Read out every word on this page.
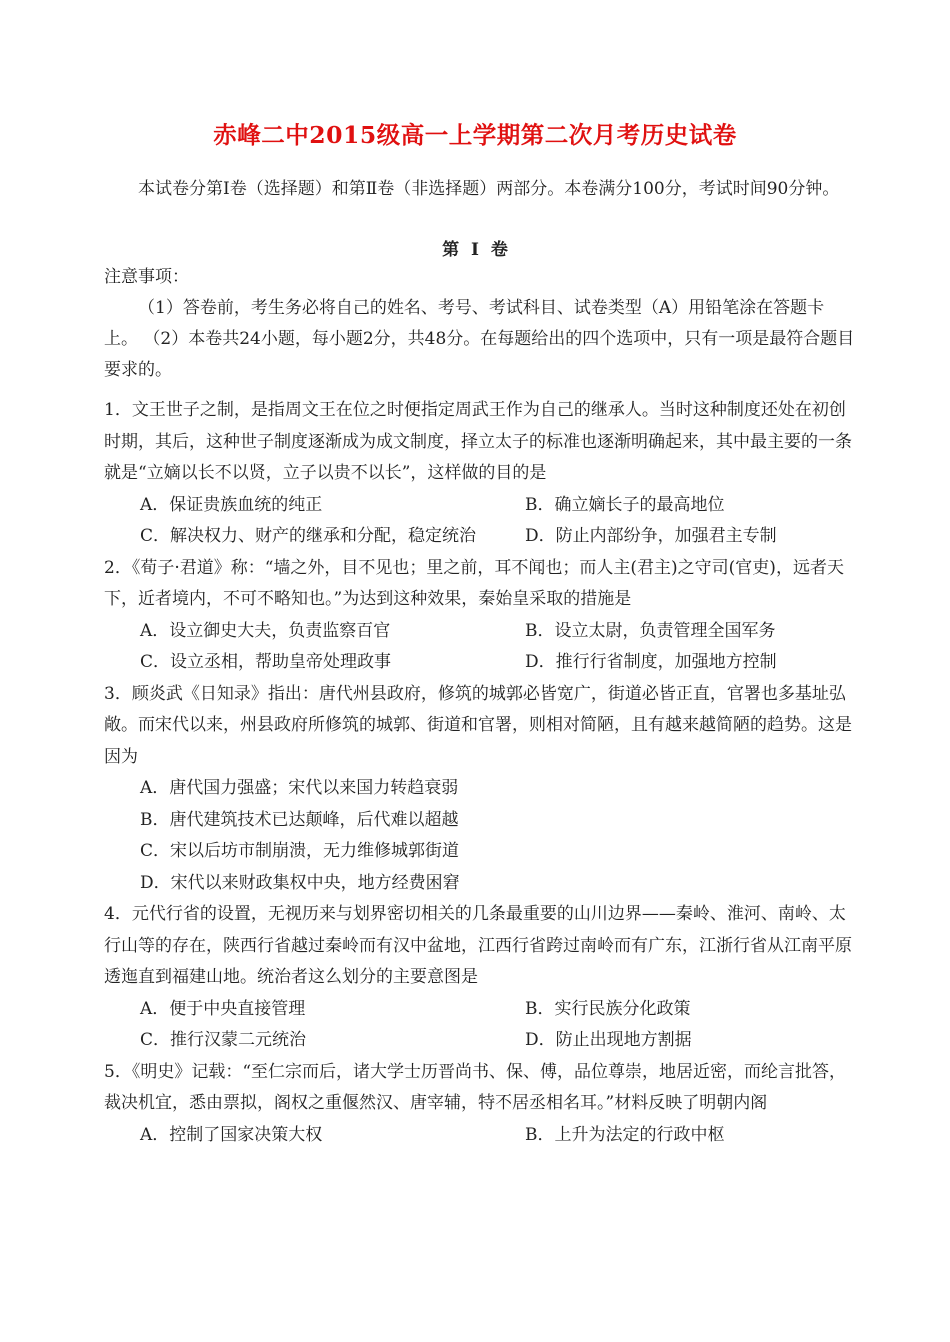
赤峰二中2015级高一上学期第二次月考历史试卷
本试卷分第Ⅰ卷（选择题）和第Ⅱ卷（非选择题）两部分。本卷满分100分，考试时间90分钟。
第 Ⅰ 卷

注意事项：

（1）答卷前，考生务必将自己的姓名、考号、考试科目、试卷类型（A）用铅笔涂在答题卡上。 （2）本卷共24小题，每小题2分，共48分。在每题给出的四个选项中，只有一项是最符合题目要求的。

1．文王世子之制，是指周文王在位之时便指定周武王作为自己的继承人。当时这种制度还处在初创时期，其后，这种世子制度逐渐成为成文制度，择立太子的标准也逐渐明确起来，其中最主要的一条就是“立嫡以长不以贤，立子以贵不以长”，这样做的目的是

A．保证贵族血统的纯正	B．确立嫡长子的最高地位
C．解决权力、财产的继承和分配，稳定统治	D．防止内部纷争，加强君主专制

2．《荀子·君道》称：“墙之外，目不见也；里之前，耳不闻也；而人主(君主)之守司(官吏)，远者天下，近者境内，不可不略知也。”为达到这种效果，秦始皇采取的措施是

A．设立御史大夫，负责监察百官	B．设立太尉，负责管理全国军务
C．设立丞相，帮助皇帝处理政事	D．推行行省制度，加强地方控制

3．顾炎武《日知录》指出：唐代州县政府，修筑的城郭必皆宽广，街道必皆正直，官署也多基址弘敞。而宋代以来，州县政府所修筑的城郭、街道和官署，则相对简陋，且有越来越简陋的趋势。这是因为

A．唐代国力强盛；宋代以来国力转趋衰弱
B．唐代建筑技术已达颠峰，后代难以超越
C．宋以后坊市制崩溃，无力维修城郭街道
D．宋代以来财政集权中央，地方经费困窘

4．元代行省的设置，无视历来与划界密切相关的几条最重要的山川边界——秦岭、淮河、南岭、太行山等的存在，陕西行省越过秦岭而有汉中盆地，江西行省跨过南岭而有广东，江浙行省从江南平原透迤直到福建山地。统治者这么划分的主要意图是

A．便于中央直接管理	B．实行民族分化政策
C．推行汉蒙二元统治	D．防止出现地方割据

5．《明史》记载：“至仁宗而后，诸大学士历晋尚书、保、傅，品位尊崇，地居近密，而纶言批答，裁决机宜，悉由票拟，阁权之重偃然汉、唐宰辅，特不居丞相名耳。”材料反映了明朝内阁

A．控制了国家决策大权	B．上升为法定的行政中枢
